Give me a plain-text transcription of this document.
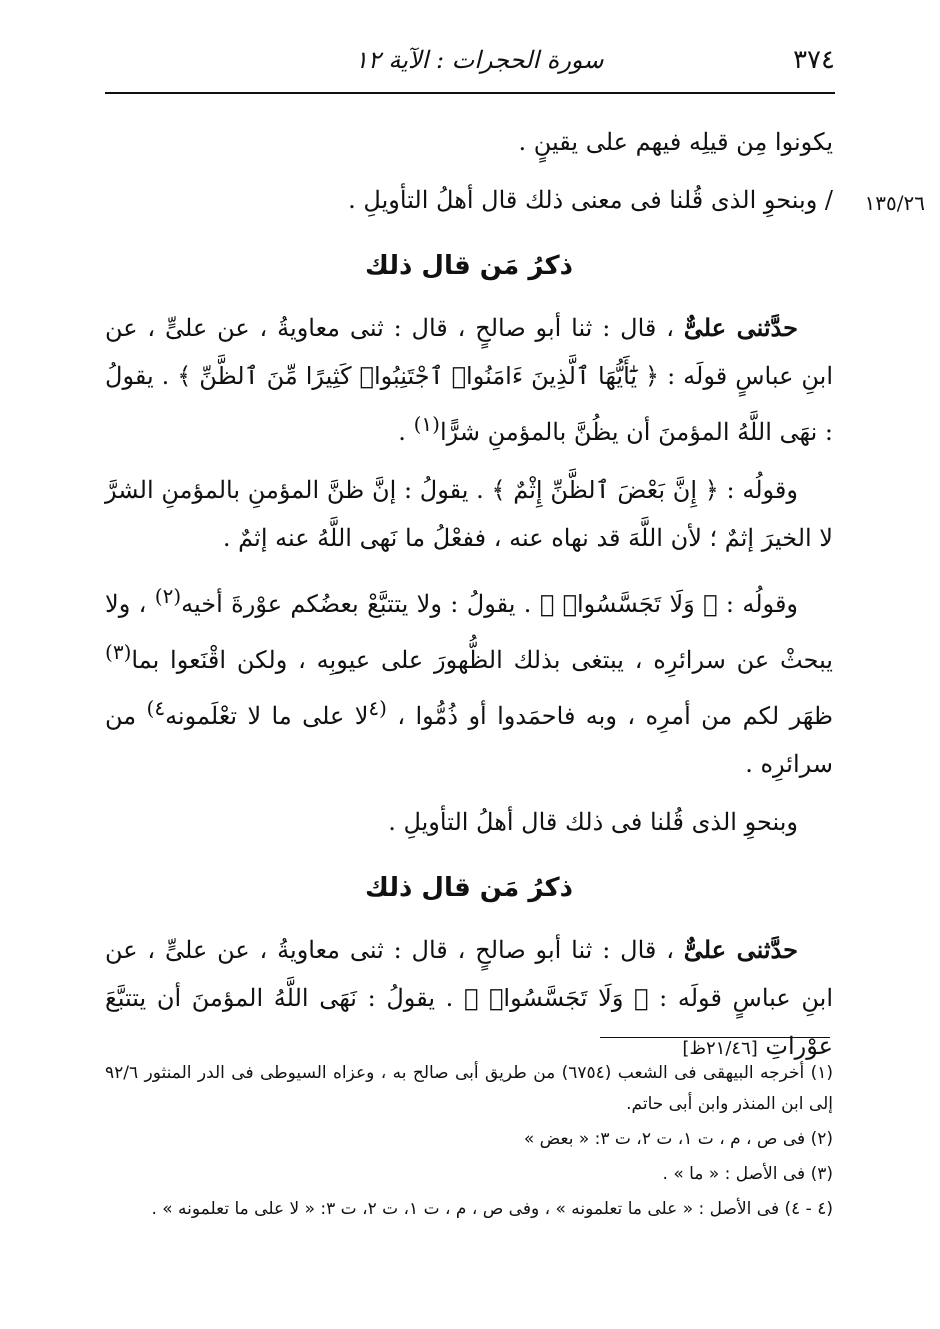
٣٧٤
سورة الحجرات : الآية ١٢
١٣٥/٢٦

يكونوا مِن قيلِه فيهم على يقينٍ .

/ وبنحوِ الذى قُلنا فى معنى ذلك قال أهلُ التأويلِ .

ذكرُ مَن قال ذلك

حدَّثنى علىٌّ ، قال : ثنا أبو صالحٍ ، قال : ثنى معاويةُ ، عن علىٍّ ، عن ابنِ عباسٍ قولَه : ﴿ يَٰٓأَيُّهَا ٱلَّذِينَ ءَامَنُوا۟ ٱجْتَنِبُوا۟ كَثِيرًا مِّنَ ٱلظَّنِّ ﴾ . يقولُ : نهَى اللَّهُ المؤمنَ أن يظُنَّ بالمؤمنِ شرًّا$^{(١)}$ .

وقولُه : ﴿ إِنَّ بَعْضَ ٱلظَّنِّ إِثْمٌ ﴾ . يقولُ : إنَّ ظنَّ المؤمنِ بالمؤمنِ الشرَّ لا الخيرَ إثمٌ ؛ لأن اللَّهَ قد نهاه عنه ، ففعْلُ ما نَهى اللَّهُ عنه إثمٌ .

وقولُه : ﴿ وَلَا تَجَسَّسُوا۟ ﴾ . يقولُ : ولا يتتبَّعْ بعضُكم عوْرةَ أخيه$^{(٢)}$ ، ولا يبحثْ عن سرائرِه ، يبتغى بذلك الظُّهورَ على عيوبِه ، ولكن اقْنَعوا بما$^{(٣)}$ ظهَر لكم من أمرِه ، وبه فاحمَدوا أو ذُمُّوا ، $^{(٤}$لا على ما لا تعْلَمونه$^{٤)}$ من سرائرِه .

وبنحوِ الذى قُلنا فى ذلك قال أهلُ التأويلِ .

ذكرُ مَن قال ذلك

حدَّثنى علىٌّ ، قال : ثنا أبو صالحٍ ، قال : ثنى معاويةُ ، عن علىٍّ ، عن ابنِ عباسٍ قولَه : ﴿ وَلَا تَجَسَّسُوا۟ ﴾ . يقولُ : نَهَى اللَّهُ المؤمنَ أن يتتبَّعَ عوْراتِ [٢١/٤٦ظ]

(١) أخرجه البيهقى فى الشعب (٦٧٥٤) من طريق أبى صالح به ، وعزاه السيوطى فى الدر المنثور ٩٢/٦ إلى ابن المنذر وابن أبى حاتم.

(٢) فى ص ، م ، ت ١، ت ٢، ت ٣: « بعض »

(٣) فى الأصل : « ما » .

(٤ - ٤) فى الأصل : « على ما تعلمونه » ، وفى ص ، م ، ت ١، ت ٢، ت ٣: « لا على ما تعلمونه » .
